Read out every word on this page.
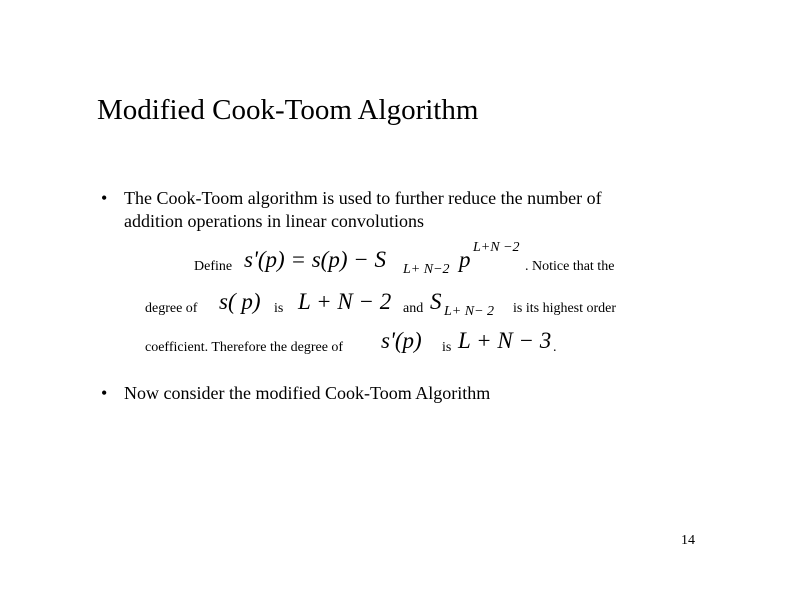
Modified Cook-Toom Algorithm
• The Cook-Toom algorithm is used to further reduce the number of
addition operations in linear convolutions
Define s'(p) = s(p) − S L+ N−2 p L+N −2
. Notice that the
degree of s( p) is L + N − 2 and S L+ N− 2 is its highest order
coefficient. Therefore the degree of s'(p) is L + N − 3 .
• Now consider the modified Cook-Toom Algorithm
14
